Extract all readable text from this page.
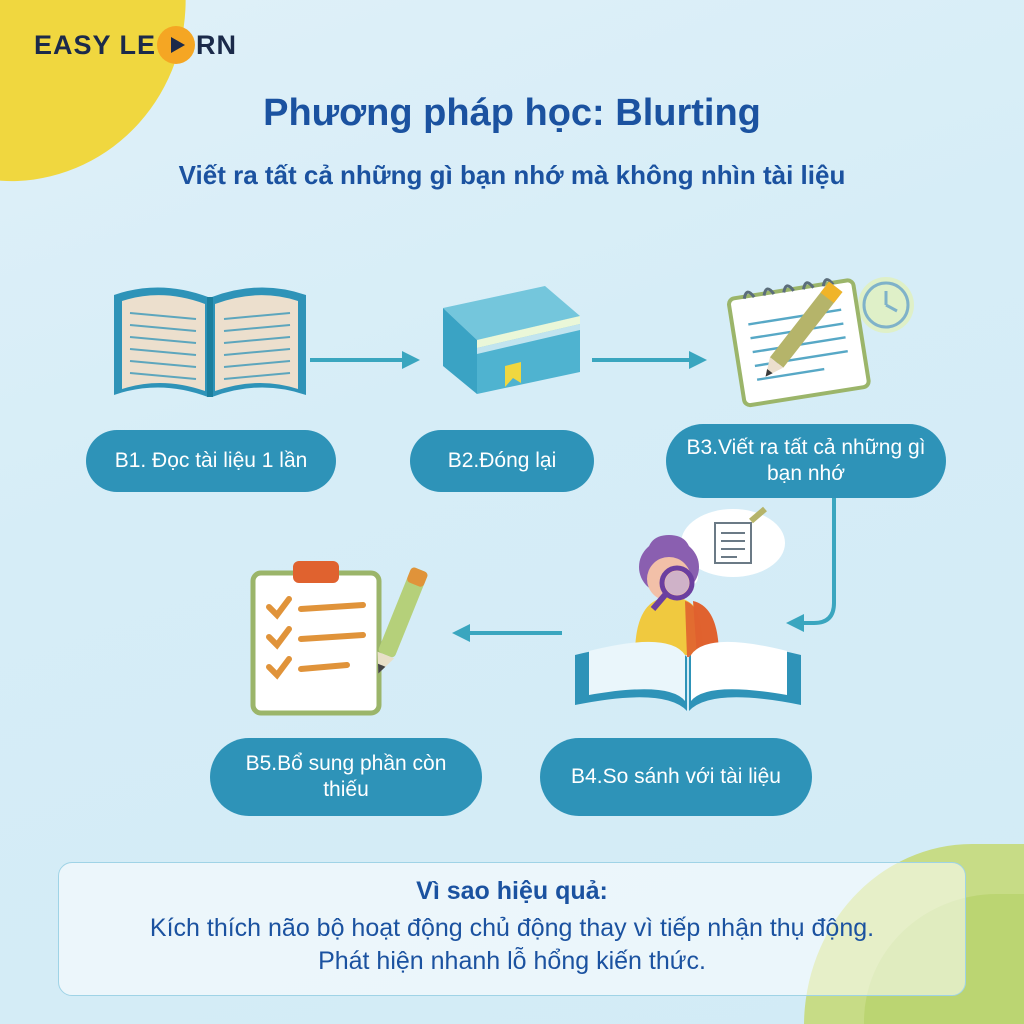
EASY LE RN
Phương pháp học: Blurting
Viết ra tất cả những gì bạn nhớ mà không nhìn tài liệu
B1. Đọc tài liệu 1 lần	B2.Đóng lại
B3.Viết ra tất cả những gì bạn nhớ
B4.So sánh với tài liệu
B5.Bổ sung phần còn thiếu
Vì sao hiệu quả:
Kích thích não bộ hoạt động chủ động thay vì tiếp nhận thụ động.
Phát hiện nhanh lỗ hổng kiến thức.
